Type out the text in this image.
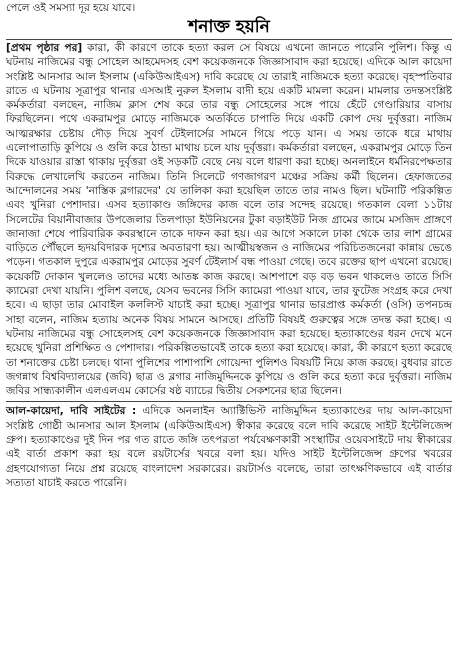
পেলে ওই সমস্যা দূর হয়ে যাবে।
শনাক্ত হয়নি
[প্রথম পৃষ্ঠার পর] কারা, কী কারণে তাকে হত্যা করল সে বিষয়ে এখনো জানতে পারেনি পুলিশ। কিন্তু এ ঘটনায় নাজিমের বন্ধু সোহেল আহমেদসহ বেশ কয়েকজনকে জিজ্ঞাসাবাদ করা হয়েছে। এদিকে আল কায়েদা সংশ্লিষ্ট আনসার আল ইসলাম (একিউআইএস) দাবি করেছে যে তারাই নাজিমকে হত্যা করেছে। বৃহস্পতিবার রাতে এ ঘটনায় সূত্রাপুর থানার এসআই নুরুল ইসলাম বাদী হয়ে একটি মামলা করেন। মামলার তদন্তসংশ্লিষ্ট কর্মকর্তারা বলছেন, নাজিম ক্লাস শেষ করে তার বন্ধু সোহেলের সঙ্গে পায়ে হেঁটে গেণ্ডারিয়ার বাসায় ফিরছিলেন। পথে একরামপুর মোড়ে নাজিমকে অতর্কিতে চাপাতি দিয়ে একটি কোপ দেয় দুর্বৃত্তরা। নাজিম আত্মরক্ষার চেষ্টায় দৌড় দিয়ে সুবর্ণ টেইলার্সের সামনে গিয়ে পড়ে যান। এ সময় তাকে ধরে মাথায় এলোপাতাড়ি কুপিয়ে ও গুলি করে ঠান্ডা মাথায় চলে যায় দুর্বৃত্তরা। কর্মকর্তারা বলছেন, একরামপুর মোড়ে তিন দিকে যাওয়ার রাস্তা থাকায় দুর্বৃত্তরা ওই সড়কটি বেছে নেয় বলে ধারণা করা হচ্ছে। অনলাইনে ধর্মনিরপেক্ষতার বিরুদ্ধে লেখালেখি করতেন নাজিম। তিনি সিলেটে গণজাগরণ মঞ্চের সক্রিয় কর্মী ছিলেন। হেফাজতের আন্দোলনের সময় 'নাস্তিক ব্লগারদের' যে তালিকা করা হয়েছিল তাতে তার নামও ছিল। ঘটনাটি পরিকল্পিত এবং খুনিরা পেশাদার। এসব হত্যাকাণ্ড জঙ্গিদের কাজ বলে তার সন্দেহ রয়েছে। গতকাল বেলা ১১টায় সিলেটের বিয়ানীবাজার উপজেলার তিলপাড়া ইউনিয়নের টুকা বড়াইউট নিজ গ্রামের জামে মসজিদ প্রাঙ্গণে জানাজা শেষে পারিবারিক কবরস্থানে তাকে দাফন করা হয়। এর আগে সকালে ঢাকা থেকে তার লাশ গ্রামের বাড়িতে পৌঁছলে হৃদয়বিদারক দৃশ্যের অবতারণা হয়। আত্মীয়স্বজন ও নাজিমের পরিচিতজনেরা কান্নায় ভেঙে পড়েন। গতকাল দুপুরে একরামপুর মোড়ের সুবর্ণ টেইলার্স বন্ধ পাওয়া গেছে। তবে রক্তের ছাপ এখনো রয়েছে। কয়েকটি দোকান খুললেও তাদের মধ্যে আতঙ্ক কাজ করছে। আশপাশে বড় বড় ভবন থাকলেও তাতে সিসি ক্যামেরা দেখা যায়নি। পুলিশ বলছে, যেসব ভবনের সিসি ক্যামেরা পাওয়া যাবে, তার ফুটেজ সংগ্রহ করে দেখা হবে। এ ছাড়া তার মোবাইল কললিস্ট যাচাই করা হচ্ছে। সূত্রাপুর থানার ভারপ্রাপ্ত কর্মকর্তা (ওসি) তপনচন্দ্র সাহা বলেন, নাজিম হত্যায় অনেক বিষয় সামনে আসছে। প্রতিটি বিষয়ই গুরুত্বের সঙ্গে তদন্ত করা হচ্ছে। এ ঘটনায় নাজিমের বন্ধু সোহেলসহ বেশ কয়েকজনকে জিজ্ঞাসাবাদ করা হয়েছে। হত্যাকাণ্ডের ধরন দেখে মনে হয়েছে খুনিরা প্রশিক্ষিত ও পেশাদার। পরিকল্পিতভাবেই তাকে হত্যা করা হয়েছে। কারা, কী কারণে হত্যা করেছে তা শনাক্তের চেষ্টা চলছে। থানা পুলিশের পাশাপাশি গোয়েন্দা পুলিশও বিষয়টি নিয়ে কাজ করছে। বুধবার রাতে জগন্নাথ বিশ্ববিদ্যালয়ের (জবি) ছাত্র ও ব্লগার নাজিমুদ্দিনকে কুপিয়ে ও গুলি করে হত্যা করে দুর্বৃত্তরা। নাজিম জবির সান্ধ্যকালীন এলএলএম কোর্সের ষষ্ঠ ব্যাচের দ্বিতীয় সেকশনের ছাত্র ছিলেন।
আল-কায়েদা, দাবি সাইটের : এদিকে অনলাইন অ্যাক্টিভিস্ট নাজিমুদ্দিন হত্যাকাণ্ডের দায় আল-কায়েদা সংশ্লিষ্ট গোষ্ঠী আনসার আল ইসলাম (একিউআইএস) স্বীকার করেছে বলে দাবি করেছে সাইট ইন্টেলিজেন্স গ্রুপ। হত্যাকাণ্ডের দুই দিন পর গত রাতে জঙ্গি তৎপরতা পর্যবেক্ষণকারী সংস্থাটির ওয়েবসাইটে দায় স্বীকারের এই বার্তা প্রকাশ করা হয় বলে রয়টার্সের খবরে বলা হয়। যদিও সাইট ইন্টেলিজেন্স গ্রুপের খবরের গ্রহণযোগ্যতা নিয়ে প্রশ্ন রয়েছে বাংলাদেশ সরকারের। রয়টার্সও বলেছে, তারা তাৎক্ষণিকভাবে এই বার্তার সত্যতা যাচাই করতে পারেনি।
